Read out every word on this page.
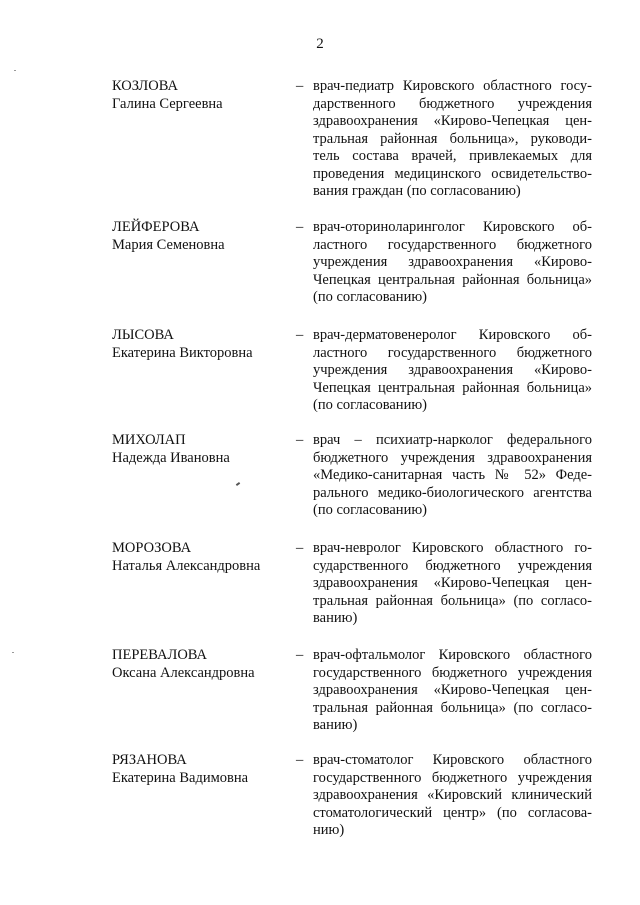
2
КОЗЛОВА
Галина Сергеевна
– врач-педиатр Кировского областного госу-
дарственного бюджетного учреждения
здравоохранения «Кирово-Чепецкая цен-
тральная районная больница», руководи-
тель состава врачей, привлекаемых для
проведения медицинского освидетельство-
вания граждан (по согласованию)
ЛЕЙФЕРОВА
Мария Семеновна
– врач-оториноларинголог Кировского об-
ластного государственного бюджетного
учреждения здравоохранения «Кирово-
Чепецкая центральная районная больница»
(по согласованию)
ЛЫСОВА
Екатерина Викторовна
– врач-дерматовенеролог Кировского об-
ластного государственного бюджетного
учреждения здравоохранения «Кирово-
Чепецкая центральная районная больница»
(по согласованию)
МИХОЛАП
Надежда Ивановна
– врач – психиатр-нарколог федерального
бюджетного учреждения здравоохранения
«Медико-санитарная часть № 52» Феде-
рального медико-биологического агентства
(по согласованию)
МОРОЗОВА
Наталья Александровна
– врач-невролог Кировского областного го-
сударственного бюджетного учреждения
здравоохранения «Кирово-Чепецкая цен-
тральная районная больница» (по согласо-
ванию)
ПЕРЕВАЛОВА
Оксана Александровна
– врач-офтальмолог Кировского областного
государственного бюджетного учреждения
здравоохранения «Кирово-Чепецкая цен-
тральная районная больница» (по согласо-
ванию)
РЯЗАНОВА
Екатерина Вадимовна
– врач-стоматолог Кировского областного
государственного бюджетного учреждения
здравоохранения «Кировский клинический
стоматологический центр» (по согласова-
нию)
